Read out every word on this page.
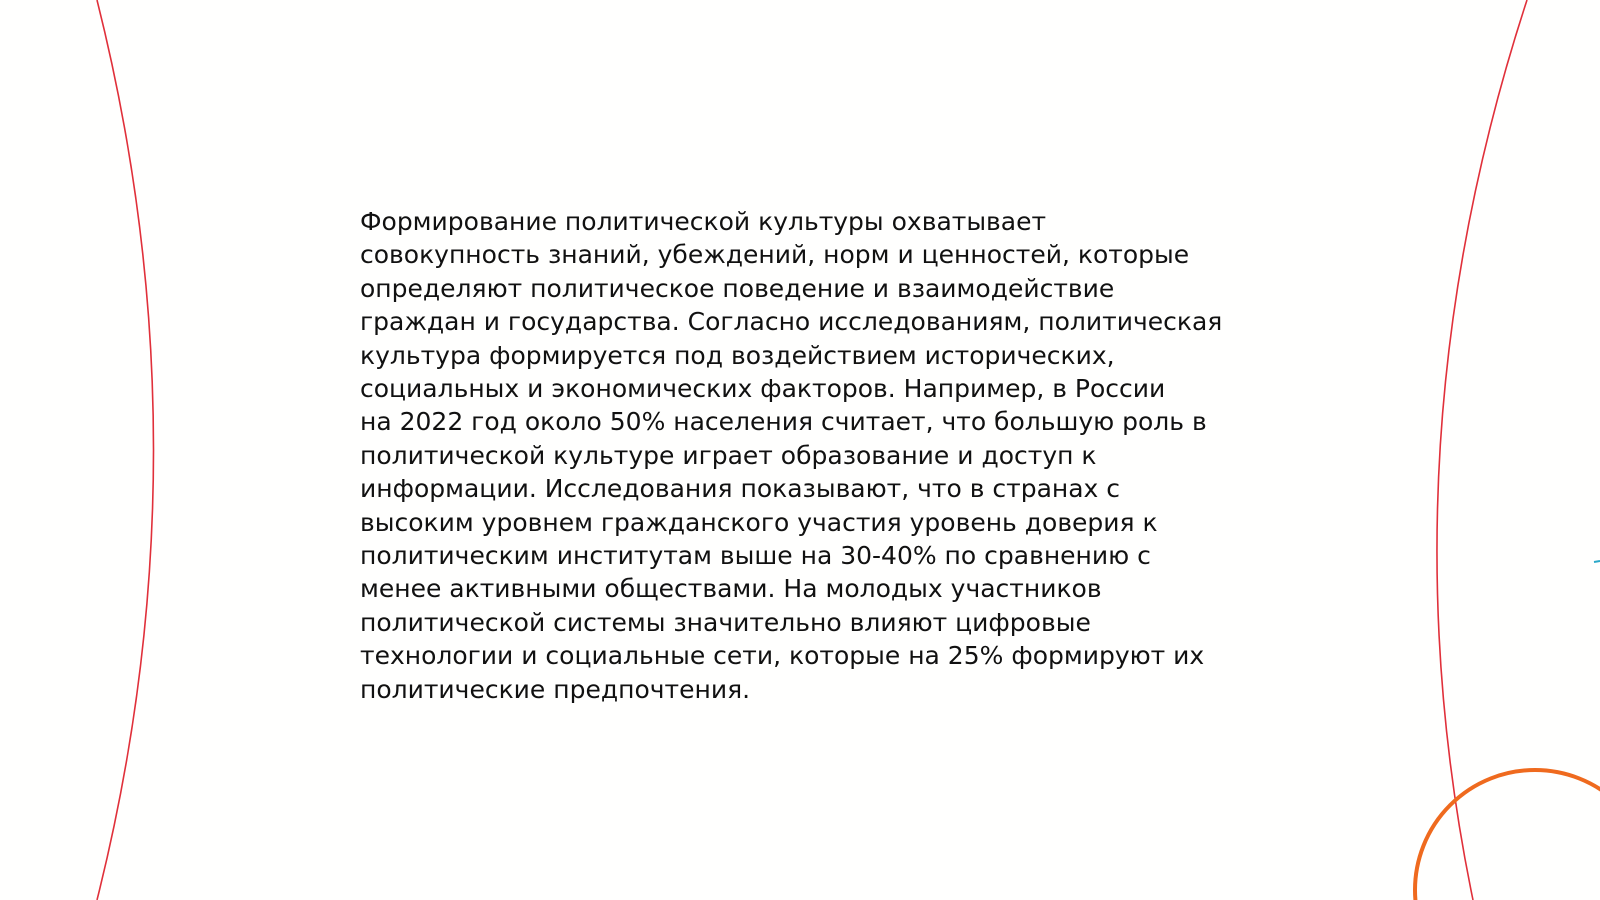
Формирование политической культуры охватывает
совокупность знаний, убеждений, норм и ценностей, которые
определяют политическое поведение и взаимодействие
граждан и государства. Согласно исследованиям, политическая
культура формируется под воздействием исторических,
социальных и экономических факторов. Например, в России
на 2022 год около 50% населения считает, что большую роль в
политической культуре играет образование и доступ к
информации. Исследования показывают, что в странах с
высоким уровнем гражданского участия уровень доверия к
политическим институтам выше на 30-40% по сравнению с
менее активными обществами. На молодых участников
политической системы значительно влияют цифровые
технологии и социальные сети, которые на 25% формируют их
политические предпочтения.
